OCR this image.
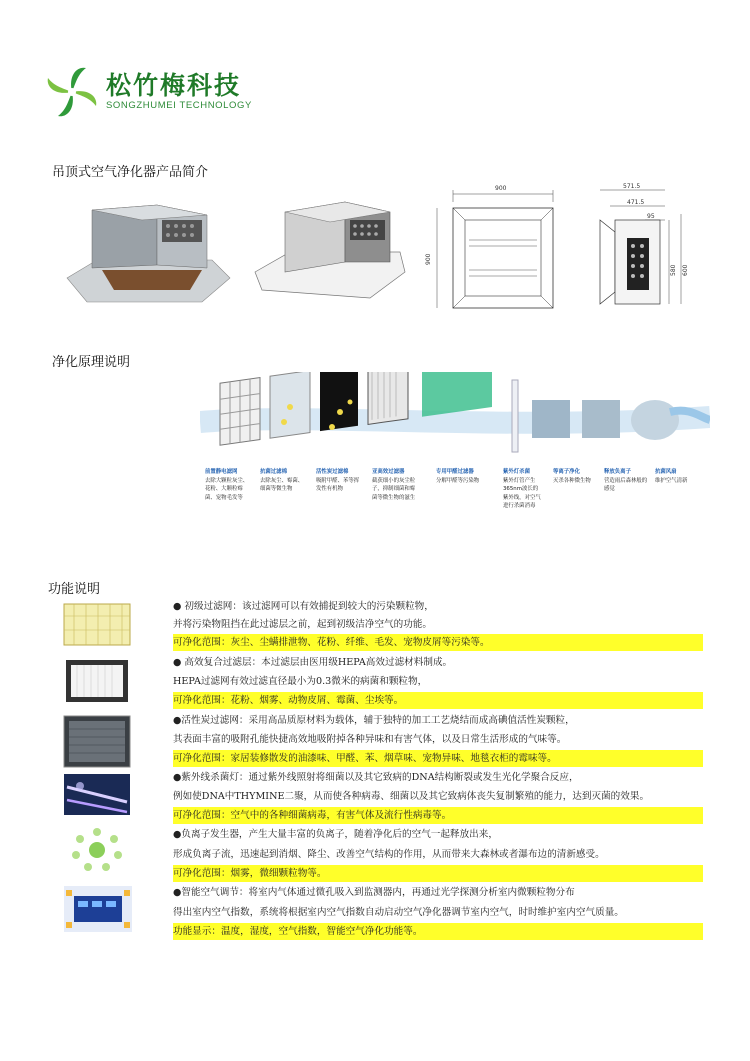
松竹梅科技
SONGZHUMEI TECHNOLOGY
吊顶式空气净化器产品简介
900
900
571.5
471.5
95
580 600
净化原理说明
前置静电滤网
去除大颗粒灰尘、花粉、大颗粒霉菌、宠物毛发等
抗菌过滤棉
去除灰尘、霉菌、细菌等微生物
活性炭过滤棉
吸附甲醛、苯等挥发性有机物
亚高效过滤器
截获细小的灰尘粒子，抑制细菌和霉菌等微生物的滋生
专用甲醛过滤器
分解甲醛等污染物
紫外灯杀菌
紫外灯管产生365nm波长的紫外线，对空气进行杀菌消毒
等离子净化
灭杀各种微生物
释放负离子
营造雨后森林般的感觉
抗菌风扇
维护空气清新
功能说明
● 初级过滤网：该过滤网可以有效捕捉到较大的污染颗粒物，
并将污染物阻挡在此过滤层之前，起到初级洁净空气的功能。
可净化范围：灰尘、尘螨排泄物、花粉、纤维、毛发、宠物皮屑等污染等。
● 高效复合过滤层：本过滤层由医用级HEPA高效过滤材料制成。
HEPA过滤网有效过滤直径最小为0.3微米的病菌和颗粒物，
可净化范围：花粉、烟雾、动物皮屑、霉菌、尘埃等。
●活性炭过滤网：采用高品质原材料为载体，辅于独特的加工工艺烧结而成高碘值活性炭颗粒，
其表面丰富的吸附孔能快捷高效地吸附掉各种异味和有害气体，以及日常生活形成的气味等。
可净化范围：家居装修散发的油漆味、甲醛、苯、烟草味、宠物异味、地毯衣柜的霉味等。
●紫外线杀菌灯：通过紫外线照射将细菌以及其它致病的DNA结构断裂或发生光化学聚合反应，
例如使DNA中THYMINE二聚，从而使各种病毒、细菌以及其它致病体丧失复制繁殖的能力，达到灭菌的效果。
可净化范围：空气中的各种细菌病毒，有害气体及流行性病毒等。
●负离子发生器，产生大量丰富的负离子，随着净化后的空气一起释放出来，
形成负离子流，迅速起到消烟、降尘、改善空气结构的作用，从而带来大森林或者瀑布边的清新感受。
可净化范围：烟雾，微细颗粒物等。
●智能空气调节：将室内气体通过微孔吸入到监测器内，再通过光学探测分析室内微颗粒物分布
得出室内空气指数，系统将根据室内空气指数自动启动空气净化器调节室内空气，时时维护室内空气质量。
功能显示：温度，湿度，空气指数，智能空气净化功能等。
